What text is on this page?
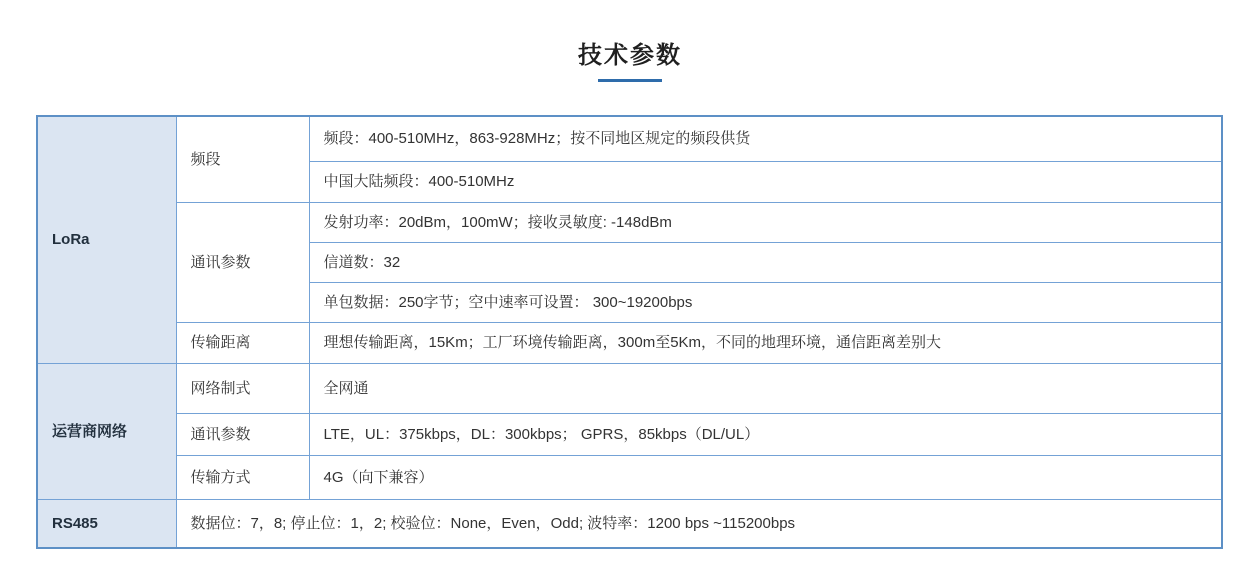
技术参数
LoRa	频段	频段：400-510MHz，863-928MHz；按不同地区规定的频段供货
		中国大陆频段：400-510MHz
	通讯参数	发射功率：20dBm，100mW；接收灵敏度: -148dBm
		信道数：32
		单包数据：250字节；空中速率可设置： 300~19200bps
	传输距离	理想传输距离，15Km；工厂环境传输距离，300m至5Km，不同的地理环境，通信距离差别大
运营商网络	网络制式	全网通
	通讯参数	LTE，UL：375kbps，DL：300kbps； GPRS，85kbps（DL/UL）
	传输方式	4G（向下兼容）
RS485	数据位：7，8; 停止位：1，2; 校验位：None，Even，Odd; 波特率：1200 bps ~115200bps	
